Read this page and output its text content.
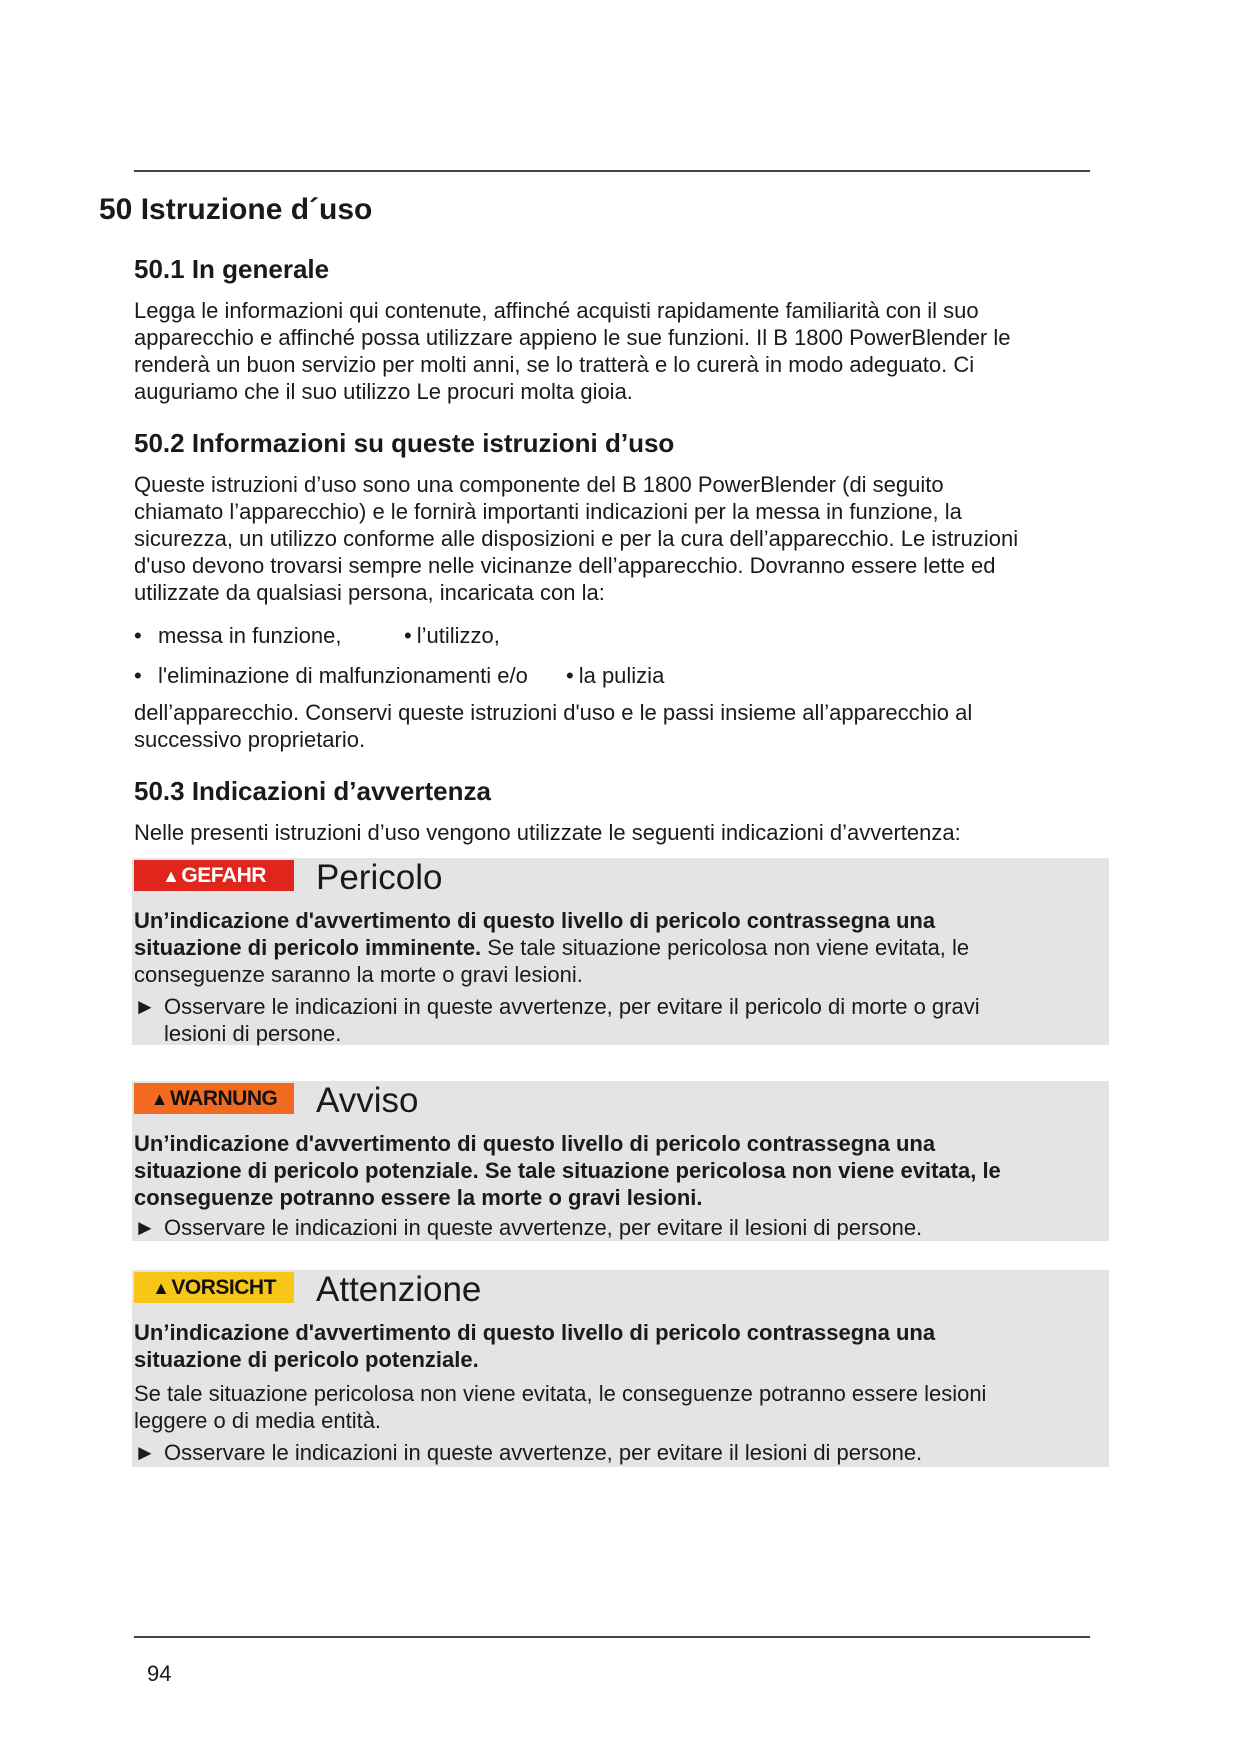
50 Istruzione d´uso
50.1 In generale
Legga le informazioni qui contenute, affinché acquisti rapidamente familiarità con il suo
apparecchio e affinché possa utilizzare appieno le sue funzioni. Il B 1800 PowerBlender le
renderà un buon servizio per molti anni, se lo tratterà e lo curerà in modo adeguato. Ci
auguriamo che il suo utilizzo Le procuri molta gioia.
50.2 Informazioni su queste istruzioni d’uso
Queste istruzioni d’uso sono una componente del B 1800 PowerBlender (di seguito
chiamato l’apparecchio) e le fornirà importanti indicazioni per la messa in funzione, la
sicurezza, un utilizzo conforme alle disposizioni e per la cura dell’apparecchio. Le istruzioni
d'uso devono trovarsi sempre nelle vicinanze dell’apparecchio. Dovranno essere lette ed
utilizzate da qualsiasi persona, incaricata con la:
• messa in funzione,	• l’utilizzo,
• l'eliminazione di malfunzionamenti e/o • la pulizia
dell’apparecchio. Conservi queste istruzioni d'uso e le passi insieme all’apparecchio al
successivo proprietario.
50.3 Indicazioni d’avvertenza
Nelle presenti istruzioni d’uso vengono utilizzate le seguenti indicazioni d’avvertenza:
▲GEFAHR	Pericolo
Un’indicazione d'avvertimento di questo livello di pericolo contrassegna una
situazione di pericolo imminente. Se tale situazione pericolosa non viene evitata, le
conseguenze saranno la morte o gravi lesioni.
► Osservare le indicazioni in queste avvertenze, per evitare il pericolo di morte o gravi
lesioni di persone.
▲WARNUNG	Avviso
Un’indicazione d'avvertimento di questo livello di pericolo contrassegna una
situazione di pericolo potenziale. Se tale situazione pericolosa non viene evitata, le
conseguenze potranno essere la morte o gravi lesioni.
► Osservare le indicazioni in queste avvertenze, per evitare il lesioni di persone.
▲VORSICHT	Attenzione
Un’indicazione d'avvertimento di questo livello di pericolo contrassegna una
situazione di pericolo potenziale.
Se tale situazione pericolosa non viene evitata, le conseguenze potranno essere lesioni
leggere o di media entità.
► Osservare le indicazioni in queste avvertenze, per evitare il lesioni di persone.
94
